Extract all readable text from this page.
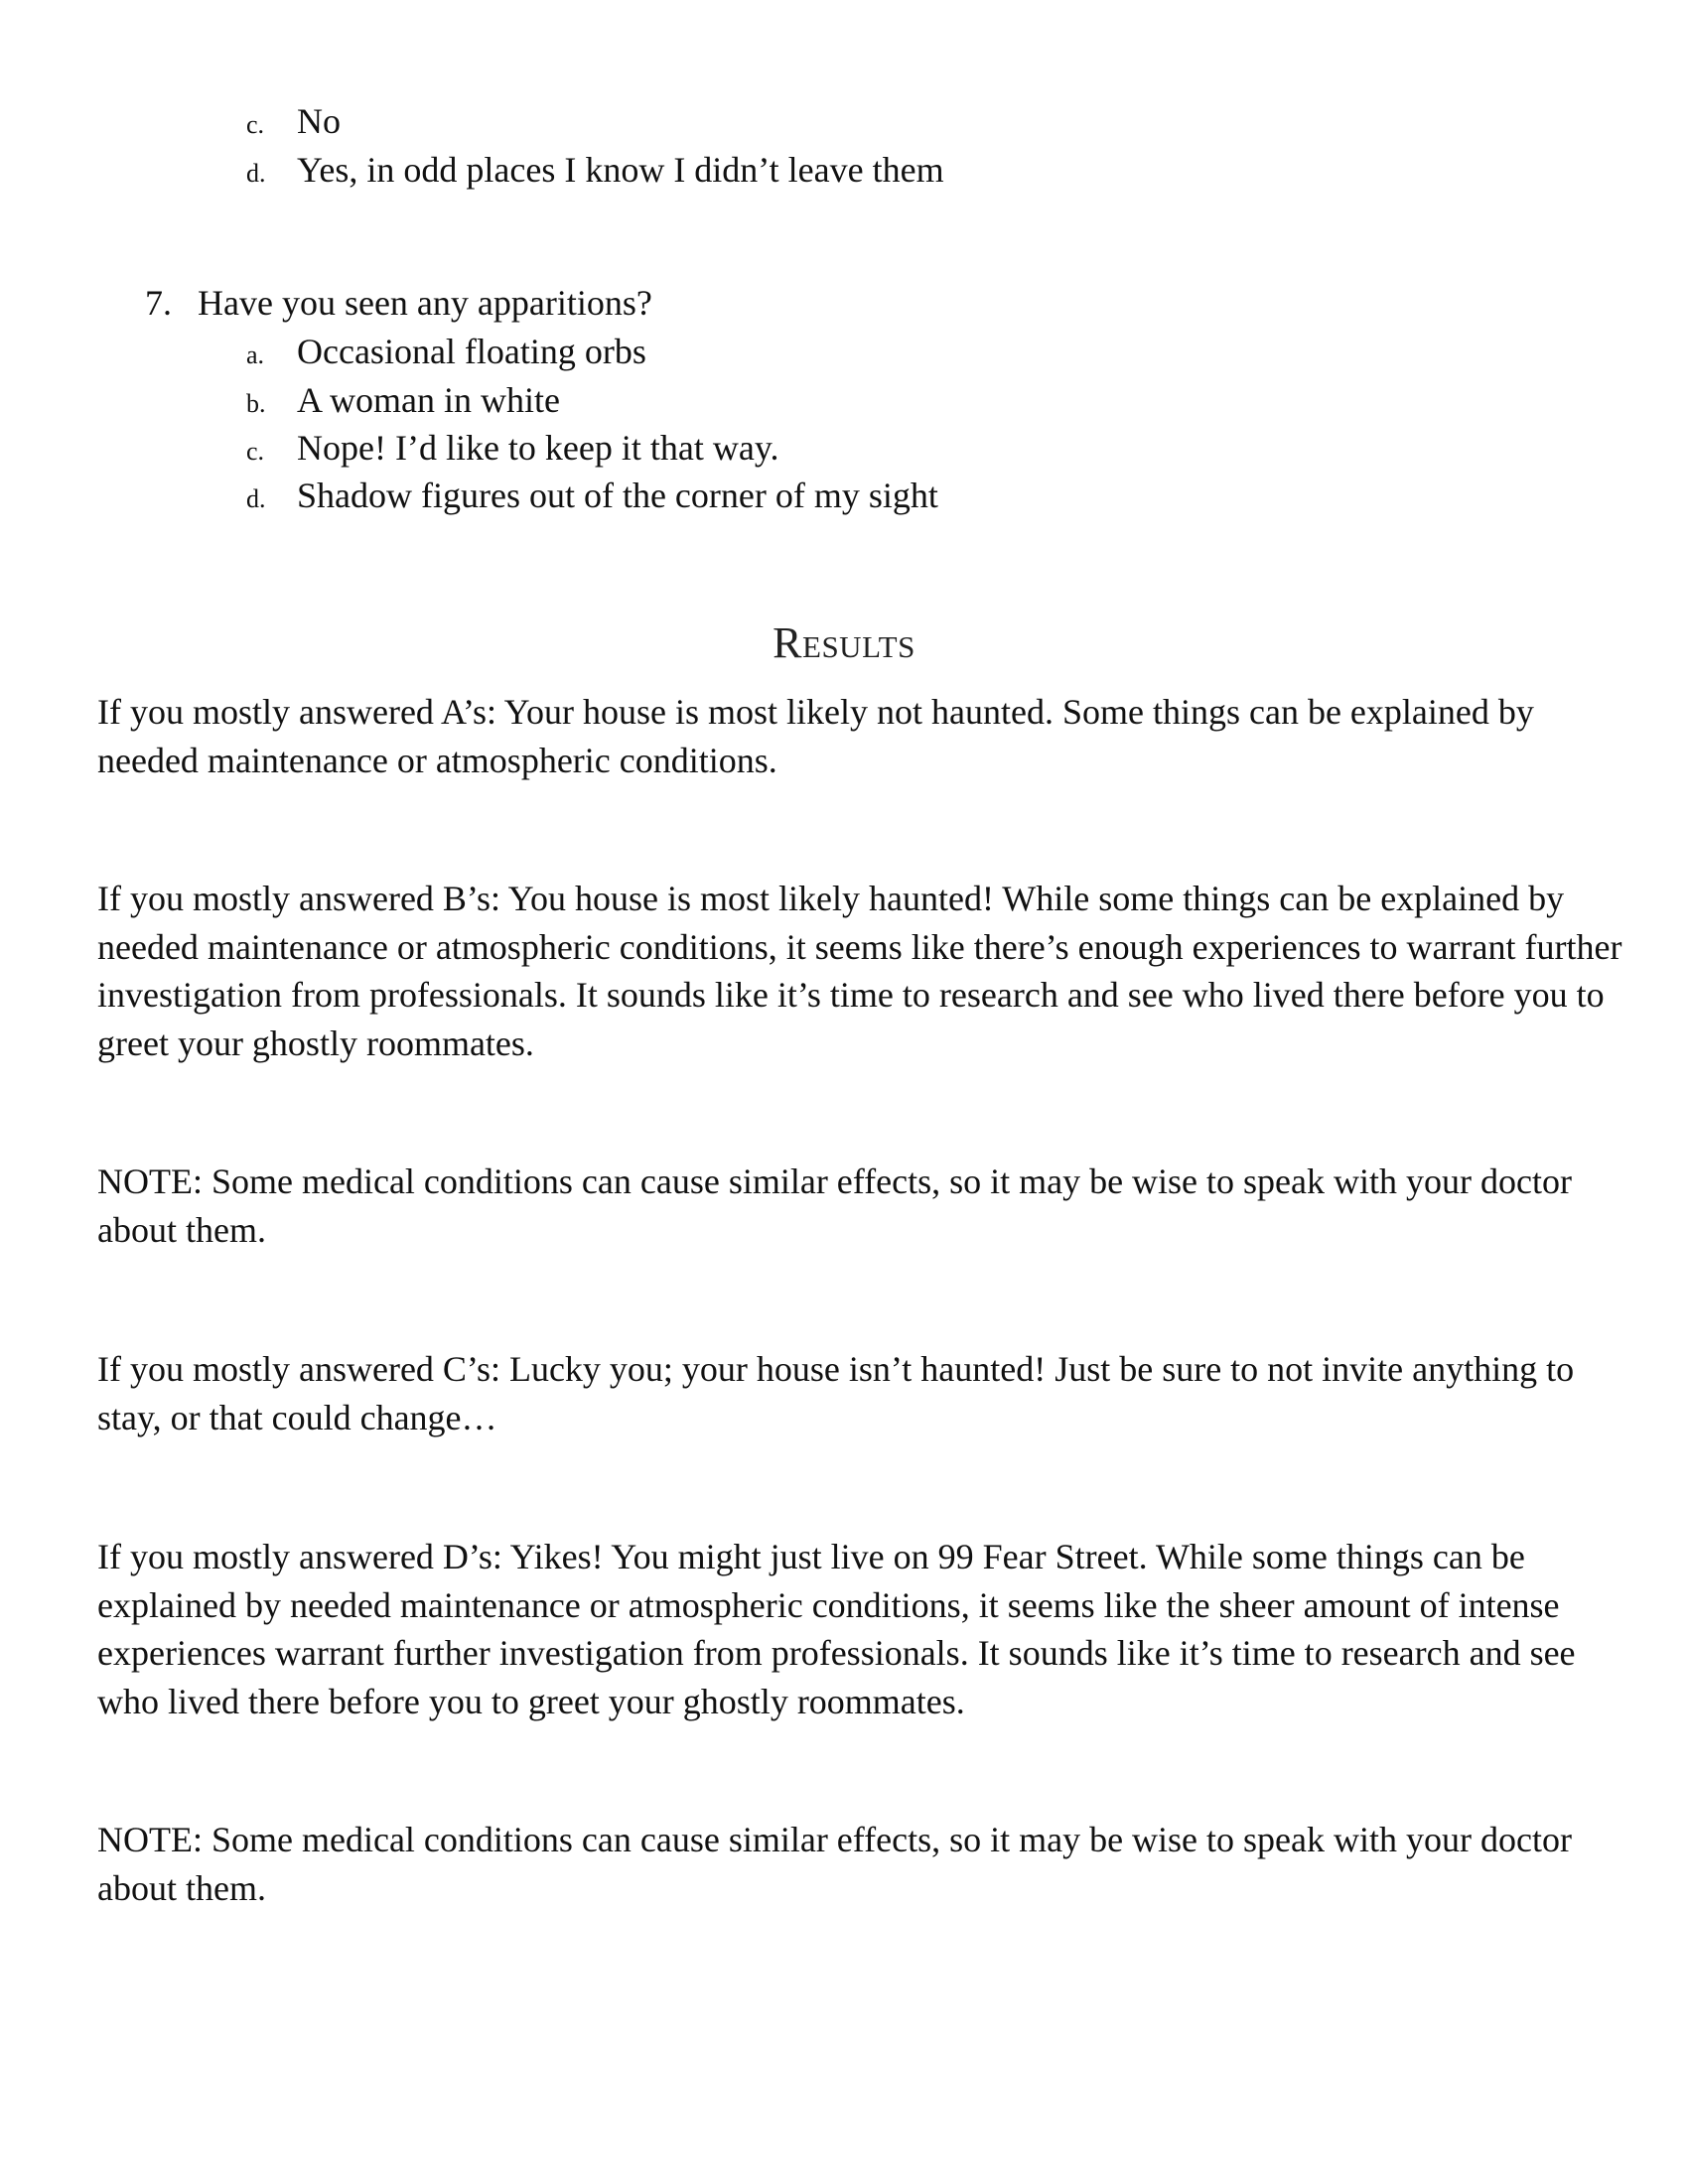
c. No
d. Yes, in odd places I know I didn’t leave them
7. Have you seen any apparitions?
a. Occasional floating orbs
b. A woman in white
c. Nope! I’d like to keep it that way.
d. Shadow figures out of the corner of my sight
Results

If you mostly answered A’s: Your house is most likely not haunted. Some things can be explained by needed maintenance or atmospheric conditions.

If you mostly answered B’s: You house is most likely haunted! While some things can be explained by needed maintenance or atmospheric conditions, it seems like there’s enough experiences to warrant further investigation from professionals. It sounds like it’s time to research and see who lived there before you to greet your ghostly roommates.

NOTE: Some medical conditions can cause similar effects, so it may be wise to speak with your doctor about them.

If you mostly answered C’s: Lucky you; your house isn’t haunted! Just be sure to not invite anything to stay, or that could change…

If you mostly answered D’s: Yikes! You might just live on 99 Fear Street. While some things can be explained by needed maintenance or atmospheric conditions, it seems like the sheer amount of intense experiences warrant further investigation from professionals. It sounds like it’s time to research and see who lived there before you to greet your ghostly roommates.

NOTE: Some medical conditions can cause similar effects, so it may be wise to speak with your doctor about them.
